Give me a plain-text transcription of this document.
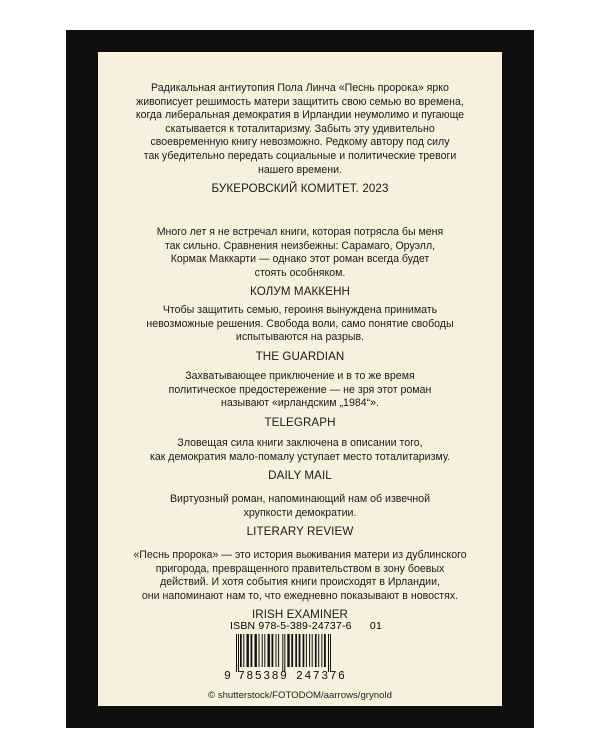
Радикальная антиутопия Пола Линча «Песнь пророка» ярко
живописует решимость матери защитить свою семью во времена,
когда либеральная демократия в Ирландии неумолимо и пугающе
скатывается к тоталитаризму. Забыть эту удивительно
своевременную книгу невозможно. Редкому автору под силу
так убедительно передать социальные и политические тревоги
нашего времени.
БУКЕРОВСКИЙ КОМИТЕТ. 2023
Много лет я не встречал книги, которая потрясла бы меня
так сильно. Сравнения неизбежны: Сарамаго, Оруэлл,
Кормак Маккарти — однако этот роман всегда будет
стоять особняком.
КОЛУМ МАККЕНН
Чтобы защитить семью, героиня вынуждена принимать
невозможные решения. Свобода воли, само понятие свободы
испытываются на разрыв.
THE GUARDIAN
Захватывающее приключение и в то же время
политическое предостережение — не зря этот роман
называют «ирландским „1984“».
TELEGRAPH
Зловещая сила книги заключена в описании того,
как демократия мало-помалу уступает место тоталитаризму.
DAILY MAIL
Виртуозный роман, напоминающий нам об извечной
хрупкости демократии.
LITERARY REVIEW
«Песнь пророка» — это история выживания матери из дублинского
пригорода, превращенного правительством в зону боевых
действий. И хотя события книги происходят в Ирландии,
они напоминают нам то, что ежедневно показывают в новостях.
IRISH EXAMINER
ISBN 978-5-389-24737-6 01
9 785389 247376
© shutterstock/FOTODOM/aarrows/grynold
